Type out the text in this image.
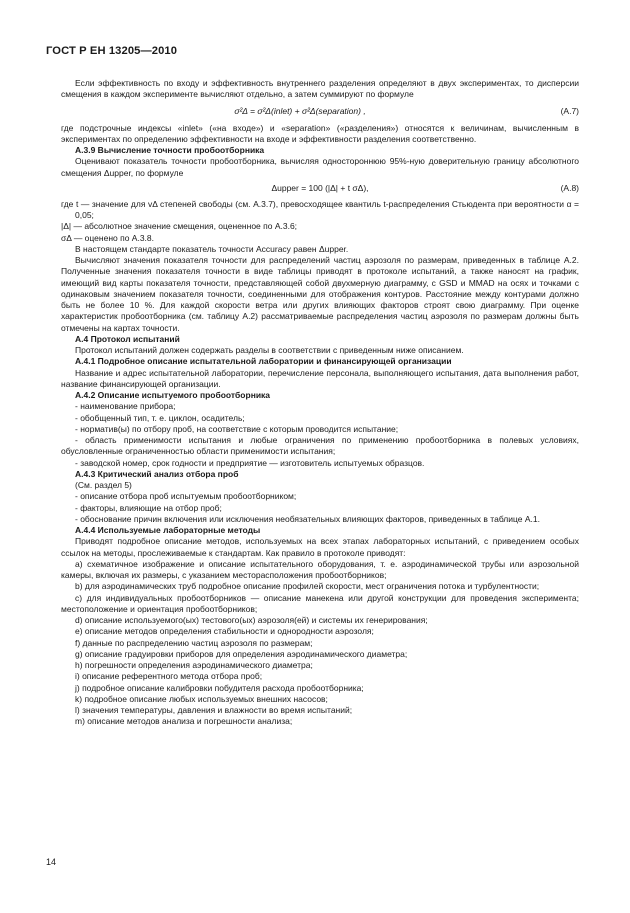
ГОСТ Р ЕН 13205—2010

Если эффективность по входу и эффективность внутреннего разделения определяют в двух экспериментах, то дисперсии смещения в каждом эксперименте вычисляют отдельно, а затем суммируют по формуле

σ²Δ = σ²Δ(inlet) + σ²Δ(separation) ,	(A.7)

где подстрочные индексы «inlet» («на входе») и «separation» («разделения») относятся к величинам, вычисленным в экспериментах по определению эффективности на входе и эффективности разделения соответственно.

A.3.9 Вычисление точности пробоотборника

Оценивают показатель точности пробоотборника, вычисляя одностороннюю 95%-ную доверительную границу абсолютного смещения Δupper, по формуле

Δupper = 100 (|Δ| + t σΔ),	(A.8)

где t — значение для vΔ степеней свободы (см. А.3.7), превосходящее квантиль t-распределения Стьюдента при вероятности α = 0,05;

|Δ| — абсолютное значение смещения, оцененное по А.3.6;

σΔ — оценено по А.3.8.

В настоящем стандарте показатель точности Accuracy равен Δupper.

Вычисляют значения показателя точности для распределений частиц аэрозоля по размерам, приведенных в таблице А.2. Полученные значения показателя точности в виде таблицы приводят в протоколе испытаний, а также наносят на график, имеющий вид карты показателя точности, представляющей собой двухмерную диаграмму, с GSD и MMAD на осях и точками с одинаковым значением показателя точности, соединенными для отображения контуров. Расстояние между контурами должно быть не более 10 %. Для каждой скорости ветра или других влияющих факторов строят свою диаграмму. При оценке характеристик пробоотборника (см. таблицу А.2) рассматриваемые распределения частиц аэрозоля по размерам должны быть отмечены на картах точности.

A.4 Протокол испытаний

Протокол испытаний должен содержать разделы в соответствии с приведенным ниже описанием.

A.4.1 Подробное описание испытательной лаборатории и финансирующей организации

Название и адрес испытательной лаборатории, перечисление персонала, выполняющего испытания, дата выполнения работ, название финансирующей организации.

A.4.2 Описание испытуемого пробоотборника

- наименование прибора;

- обобщенный тип, т. е. циклон, осадитель;

- норматив(ы) по отбору проб, на соответствие с которым проводится испытание;

- область применимости испытания и любые ограничения по применению пробоотборника в полевых условиях, обусловленные ограниченностью области применимости испытания;

- заводской номер, срок годности и предприятие — изготовитель испытуемых образцов.

A.4.3 Критический анализ отбора проб

(См. раздел 5)

- описание отбора проб испытуемым пробоотборником;

- факторы, влияющие на отбор проб;

- обоснование причин включения или исключения необязательных влияющих факторов, приведенных в таблице А.1.

A.4.4 Используемые лабораторные методы

Приводят подробное описание методов, используемых на всех этапах лабораторных испытаний, с приведением особых ссылок на методы, прослеживаемые к стандартам. Как правило в протоколе приводят:

a) схематичное изображение и описание испытательного оборудования, т. е. аэродинамической трубы или аэрозольной камеры, включая их размеры, с указанием месторасположения пробоотборников;

b) для аэродинамических труб подробное описание профилей скорости, мест ограничения потока и турбулентности;

c) для индивидуальных пробоотборников — описание манекена или другой конструкции для проведения эксперимента; местоположение и ориентация пробоотборников;

d) описание используемого(ых) тестового(ых) аэрозоля(ей) и системы их генерирования;

e) описание методов определения стабильности и однородности аэрозоля;

f) данные по распределению частиц аэрозоля по размерам;

g) описание градуировки приборов для определения аэродинамического диаметра;

h) погрешности определения аэродинамического диаметра;

i) описание референтного метода отбора проб;

j) подробное описание калибровки побудителя расхода пробоотборника;

k) подробное описание любых используемых внешних насосов;

l) значения температуры, давления и влажности во время испытаний;

m) описание методов анализа и погрешности анализа;

14
